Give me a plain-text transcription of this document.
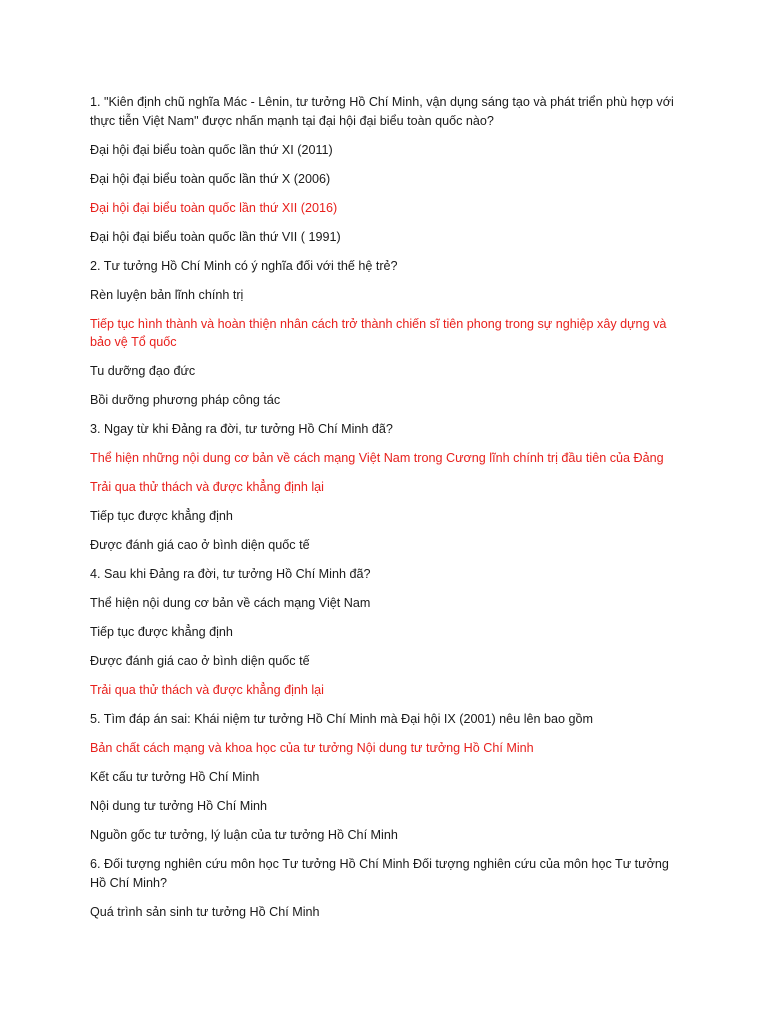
1. "Kiên định chũ nghĩa Mác - Lênin, tư tưởng Hồ Chí Minh, vận dụng sáng tạo và phát triển phù hợp với thực tiễn Việt Nam" được nhấn mạnh tại đại hội đại biểu toàn quốc nào?

Đại hội đại biểu toàn quốc lần thứ XI (2011)

Đại hội đại biểu toàn quốc lần thứ X (2006)

Đại hội đại biểu toàn quốc lần thứ XII (2016)

Đại hội đại biểu toàn quốc lần thứ VII ( 1991)

2. Tư tưởng Hồ Chí Minh có ý nghĩa đối với thế hệ trẻ?

Rèn luyện bản lĩnh chính trị

Tiếp tục hình thành và hoàn thiện nhân cách trở thành chiến sĩ tiên phong trong sự nghiệp xây dựng và bảo vệ Tổ quốc

Tu dưỡng đạo đức

Bồi dưỡng phương pháp công tác

3. Ngay từ khi Đảng ra đời, tư tưởng Hồ Chí Minh đã?

Thể hiện những nội dung cơ bản về cách mạng Việt Nam trong Cương lĩnh chính trị đầu tiên của Đảng

Trải qua thử thách và được khẳng định lại

Tiếp tục được khẳng định

Được đánh giá cao ở bình diện quốc tế

4. Sau khi Đảng ra đời, tư tưởng Hồ Chí Minh đã?

Thể hiện nội dung cơ bản về cách mạng Việt Nam

Tiếp tục được khẳng định

Được đánh giá cao ở bình diện quốc tế

Trải qua thử thách và được khẳng định lại

5. Tìm đáp án sai: Khái niệm tư tưởng Hồ Chí Minh mà Đại hội IX (2001) nêu lên bao gồm

Bản chất cách mạng và khoa học của tư tưởng Nội dung tư tưởng Hồ Chí Minh

Kết cấu tư tưởng Hồ Chí Minh

Nội dung tư tưởng Hồ Chí Minh

Nguồn gốc tư tưởng, lý luận của tư tưởng Hồ Chí Minh

6. Đối tượng nghiên cứu môn học Tư tưởng Hồ Chí Minh Đối tượng nghiên cứu của môn học Tư tưởng Hồ Chí Minh?

Quá trình sản sinh tư tưởng Hồ Chí Minh
